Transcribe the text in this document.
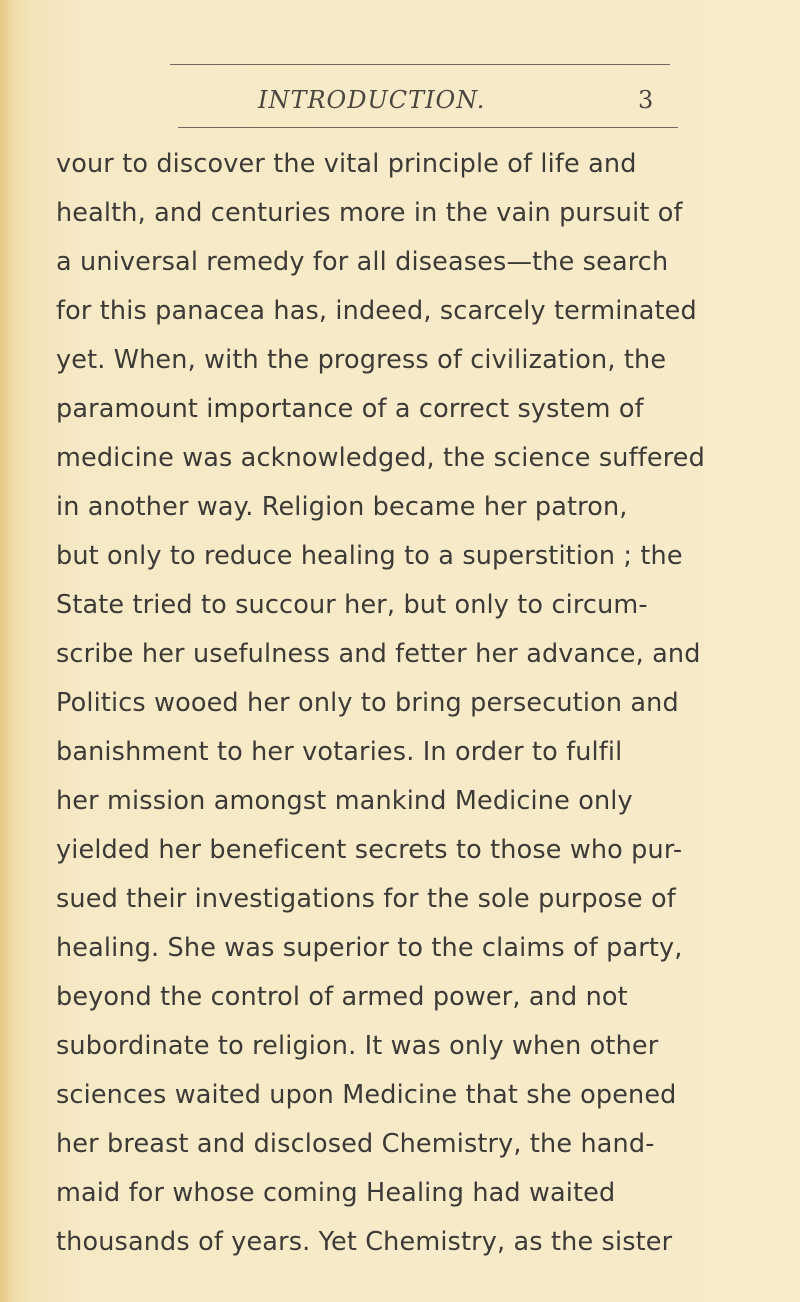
INTRODUCTION.	3
vour to discover the vital principle of life and
health, and centuries more in the vain pursuit of
a universal remedy for all diseases—the search
for this panacea has, indeed, scarcely terminated
yet. When, with the progress of civilization, the
paramount importance of a correct system of
medicine was acknowledged, the science suffered
in another way. Religion became her patron,
but only to reduce healing to a superstition ; the
State tried to succour her, but only to circum-
scribe her usefulness and fetter her advance, and
Politics wooed her only to bring persecution and
banishment to her votaries. In order to fulfil
her mission amongst mankind Medicine only
yielded her beneficent secrets to those who pur-
sued their investigations for the sole purpose of
healing. She was superior to the claims of party,
beyond the control of armed power, and not
subordinate to religion. It was only when other
sciences waited upon Medicine that she opened
her breast and disclosed Chemistry, the hand-
maid for whose coming Healing had waited
thousands of years. Yet Chemistry, as the sister
